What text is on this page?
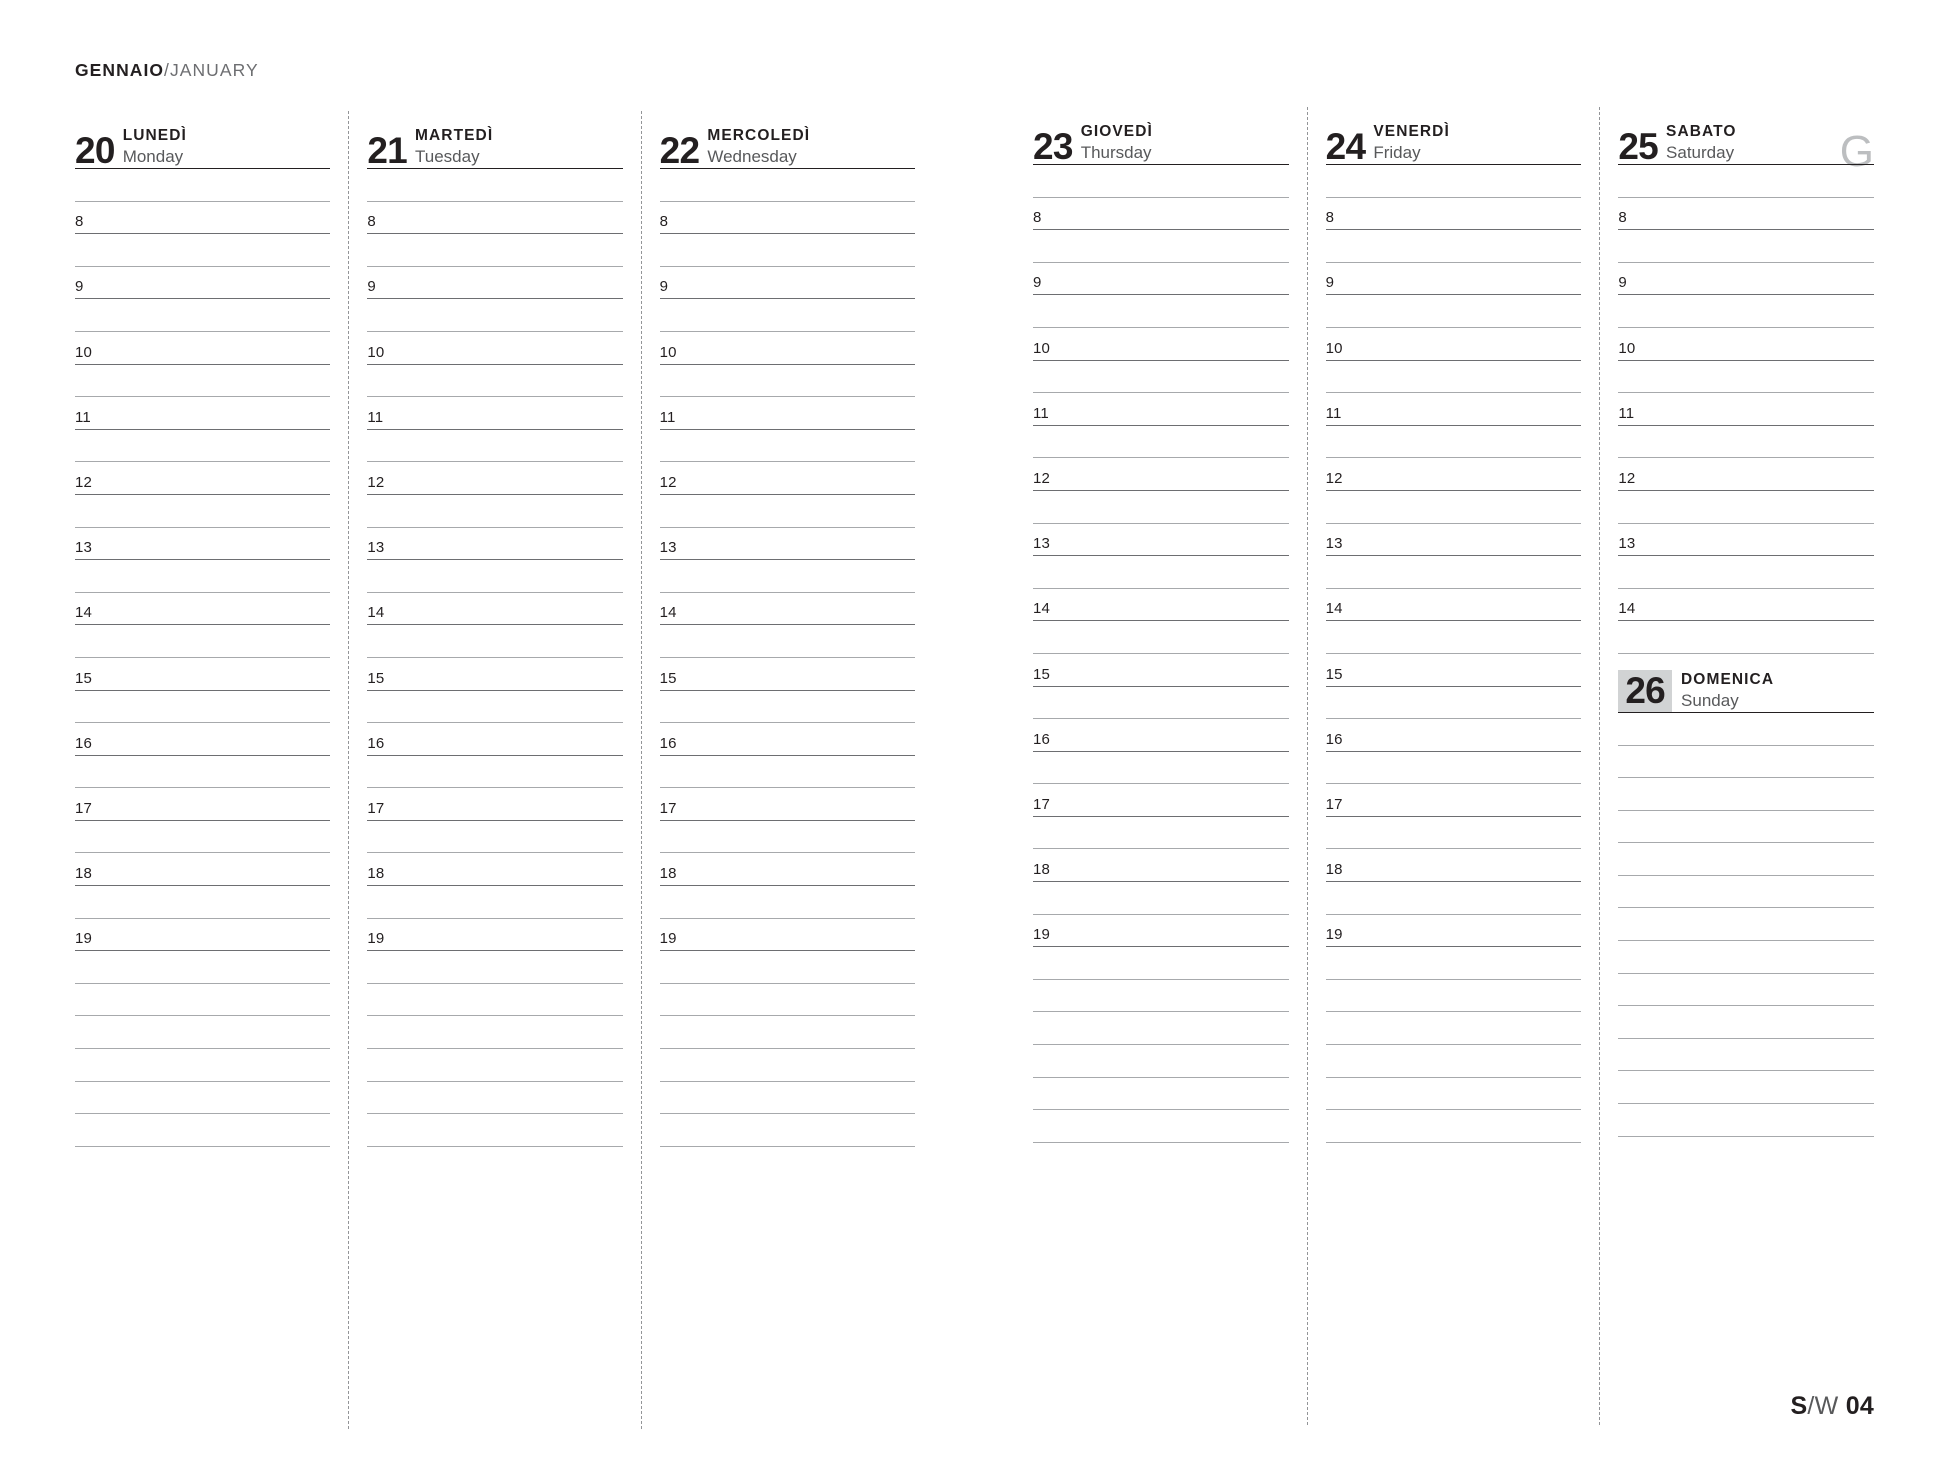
GENNAIO/JANUARY
20 LUNEDÌ
Monday
8
9
10
11
12
13
14
15
16
17
18
19
21 MARTEDÌ
Tuesday
8
9
10
11
12
13
14
15
16
17
18
19
22 MERCOLEDÌ
Wednesday
8
9
10
11
12
13
14
15
16
17
18
19
G
23 GIOVEDÌ
Thursday
8
9
10
11
12
13
14
15
16
17
18
19
24 VENERDÌ
Friday
8
9
10
11
12
13
14
15
16
17
18
19
25 SABATO
Saturday
8
9
10
11
12
13
14
26	DOMENICA
Sunday
S/W 04
